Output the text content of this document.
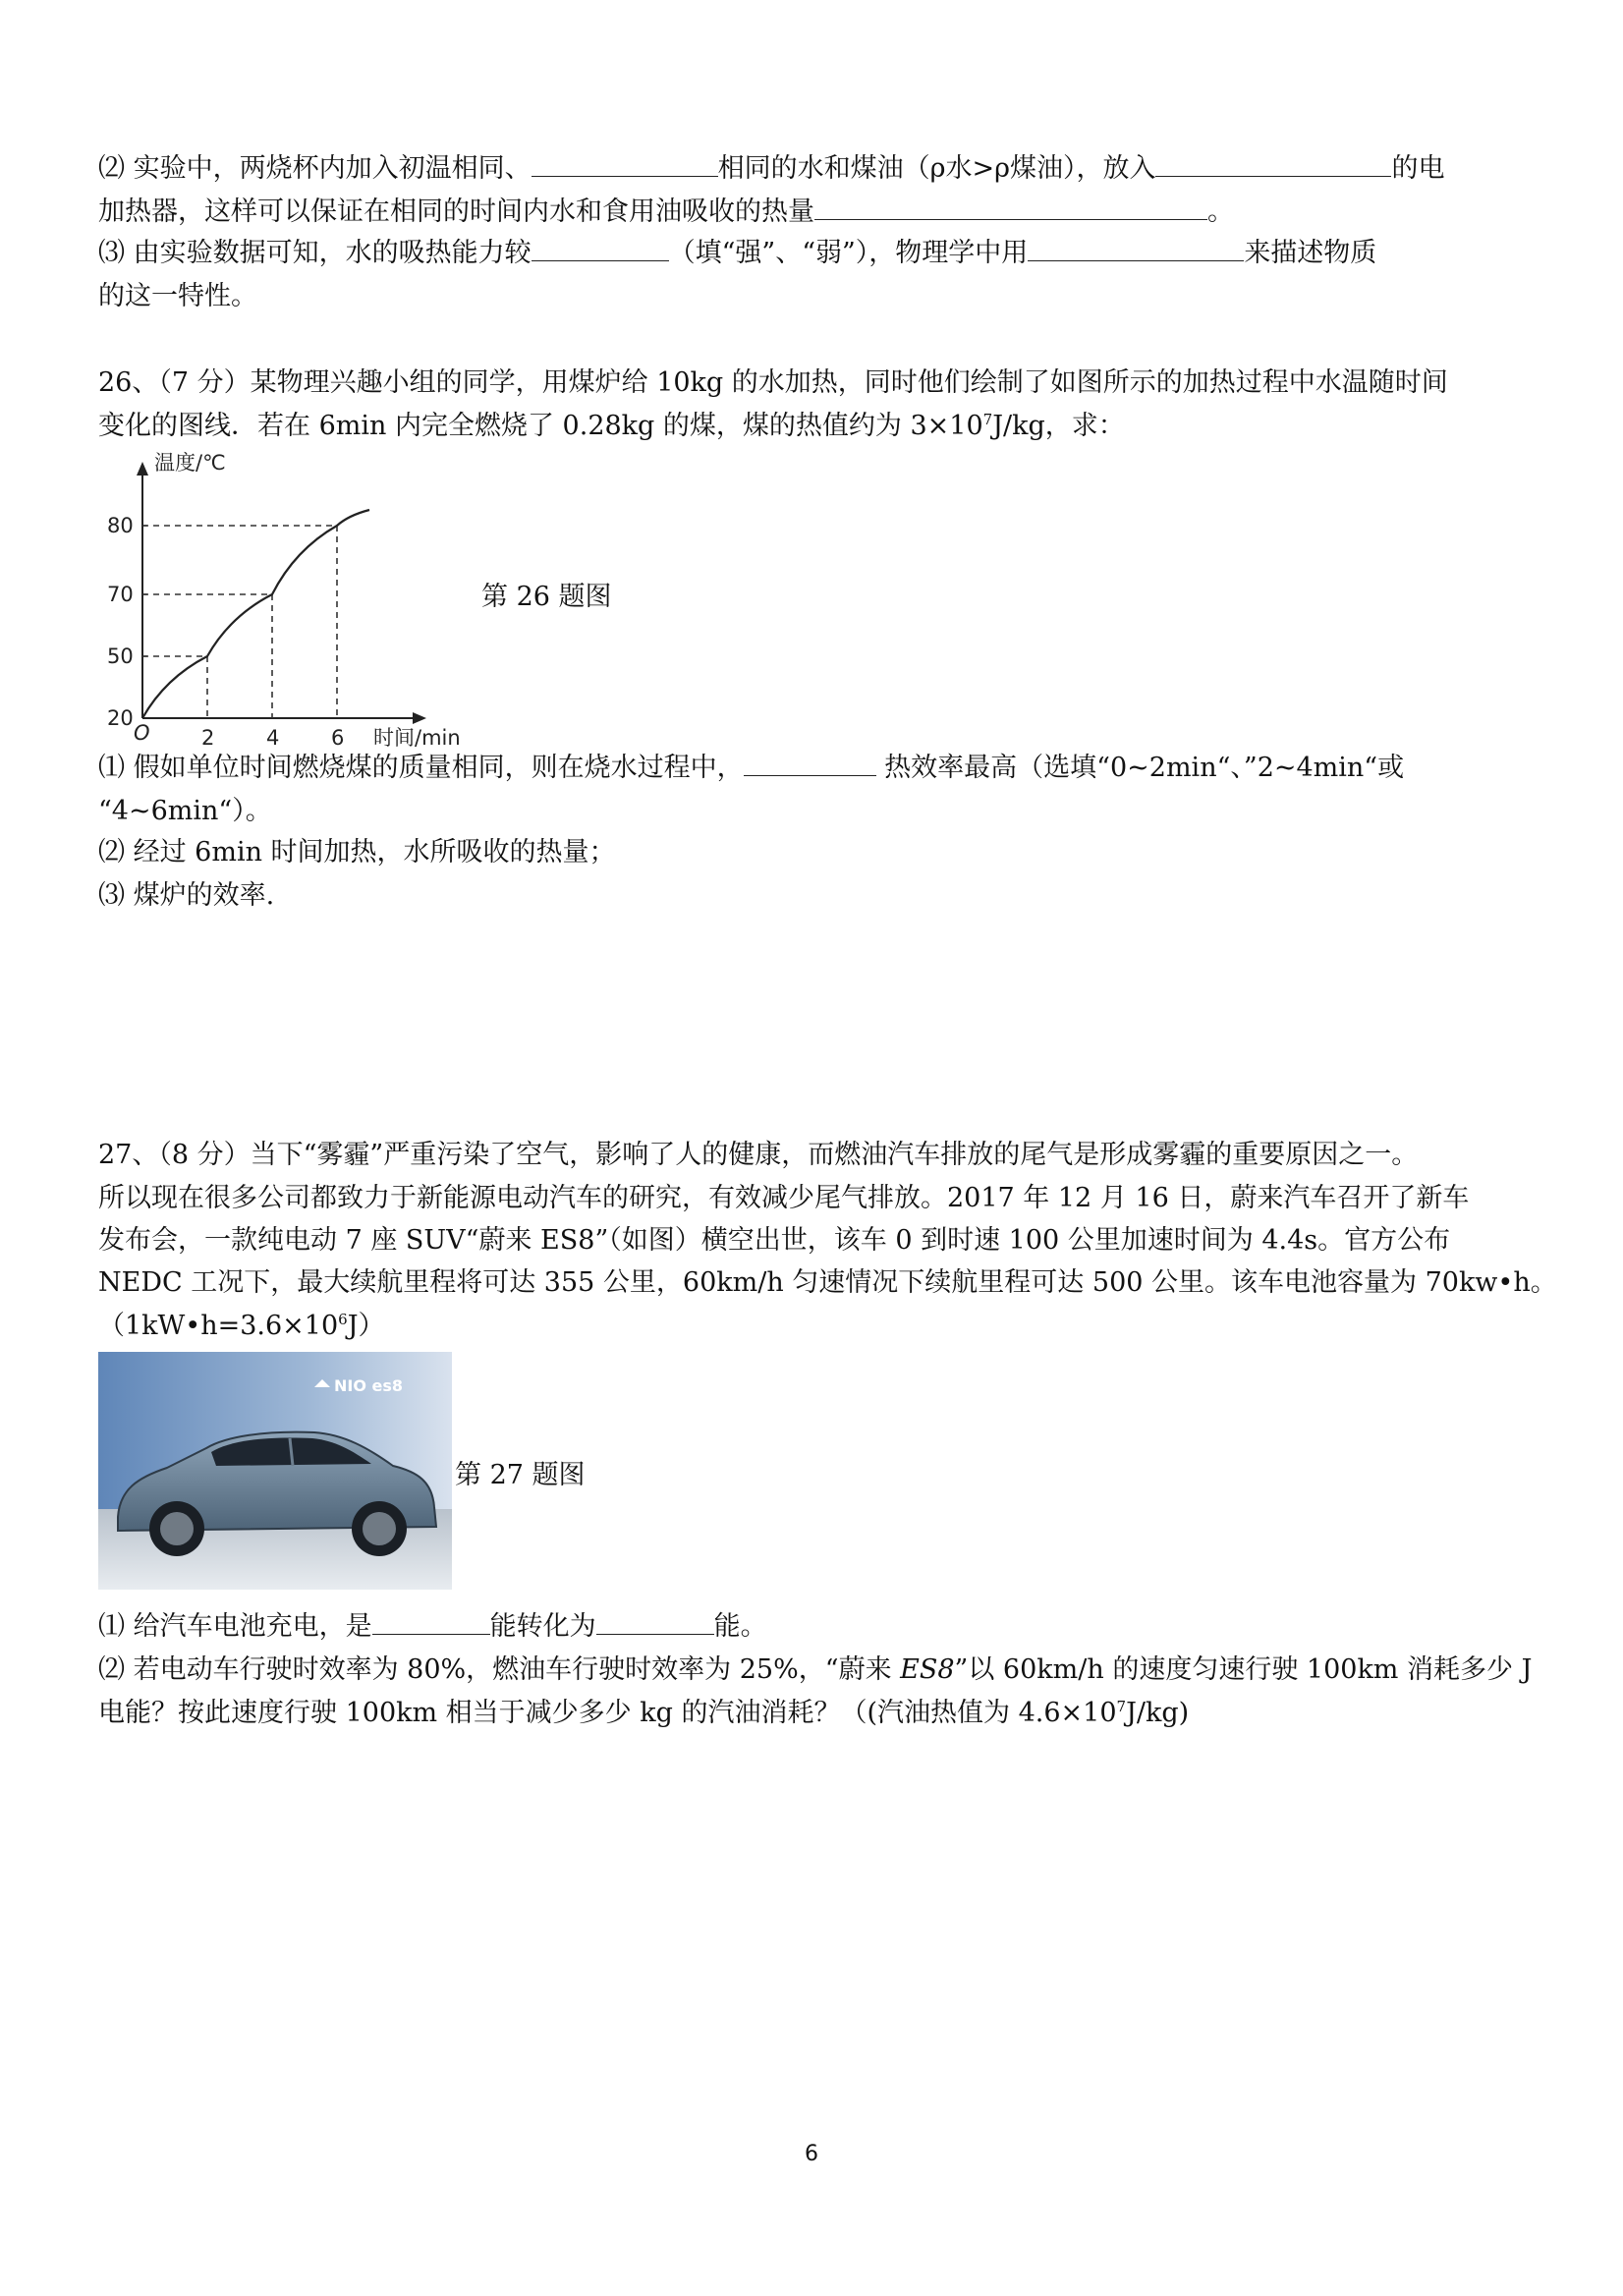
⑵ 实验中，两烧杯内加入初温相同、	相同的水和煤油（ρ水>ρ煤油），放入	的电
加热器，这样可以保证在相同的时间内水和食用油吸收的热量	。
⑶ 由实验数据可知，水的吸热能力较	（填“强”、“弱”），物理学中用	来描述物质
的这一特性。
26、（7 分）某物理兴趣小组的同学，用煤炉给 10kg 的水加热，同时他们绘制了如图所示的加热过程中水温随时间
变化的图线．若在 6min 内完全燃烧了 0.28kg 的煤，煤的热值约为 $3\times 10^7J/kg$，求：
温度/℃
时间/min
O
20
50
70
80
2	4	6
第 26 题图
⑴ 假如单位时间燃烧煤的质量相同，则在烧水过程中，	热效率最高（选填“0~2min“、”2~4min“或
“4~6min“）。
⑵ 经过 6min 时间加热，水所吸收的热量；
⑶ 煤炉的效率.
27、（8 分）当下“雾霾”严重污染了空气，影响了人的健康，而燃油汽车排放的尾气是形成雾霾的重要原因之一。
所以现在很多公司都致力于新能源电动汽车的研究，有效减少尾气排放。2017 年 12 月 16 日，蔚来汽车召开了新车
发布会，一款纯电动 7 座 SUV“蔚来 ES8”（如图）横空出世，该车 0 到时速 100 公里加速时间为 4.4s。官方公布
NEDC 工况下，最大续航里程将可达 355 公里，60km/h 匀速情况下续航里程可达 500 公里。该车电池容量为 70kw•h。
$(1kW•h=3.6\times 10^6J)$
NIO es8
第 27 题图
⑴ 给汽车电池充电，是	能转化为	能。
⑵ 若电动车行驶时效率为 80%，燃油车行驶时效率为 25%，“蔚来 ES8”以 60km/h 的速度匀速行驶 100km 消耗多少 J
电能？按此速度行驶 100km 相当于减少多少 kg 的汽油消耗？（(汽油热值为 $4.6\times 10^7J/kg$)
6
